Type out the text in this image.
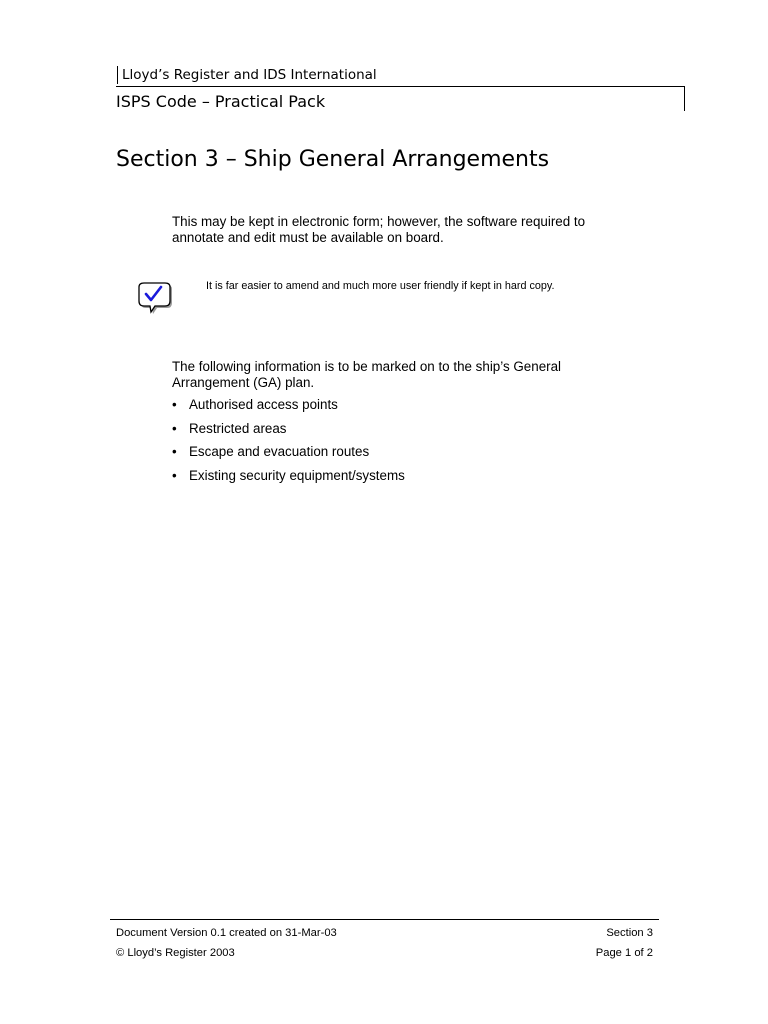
Lloyd’s Register and IDS International
ISPS Code – Practical Pack
Section 3 – Ship General Arrangements
This may be kept in electronic form; however, the software required to annotate and edit must be available on board.
It is far easier to amend and much more user friendly if kept in hard copy.
The following information is to be marked on to the ship’s General Arrangement (GA) plan.
• Authorised access points
• Restricted areas
• Escape and evacuation routes
• Existing security equipment/systems
Document Version 0.1 created on 31-Mar-03
© Lloyd’s Register 2003
Section 3
Page 1 of 2
